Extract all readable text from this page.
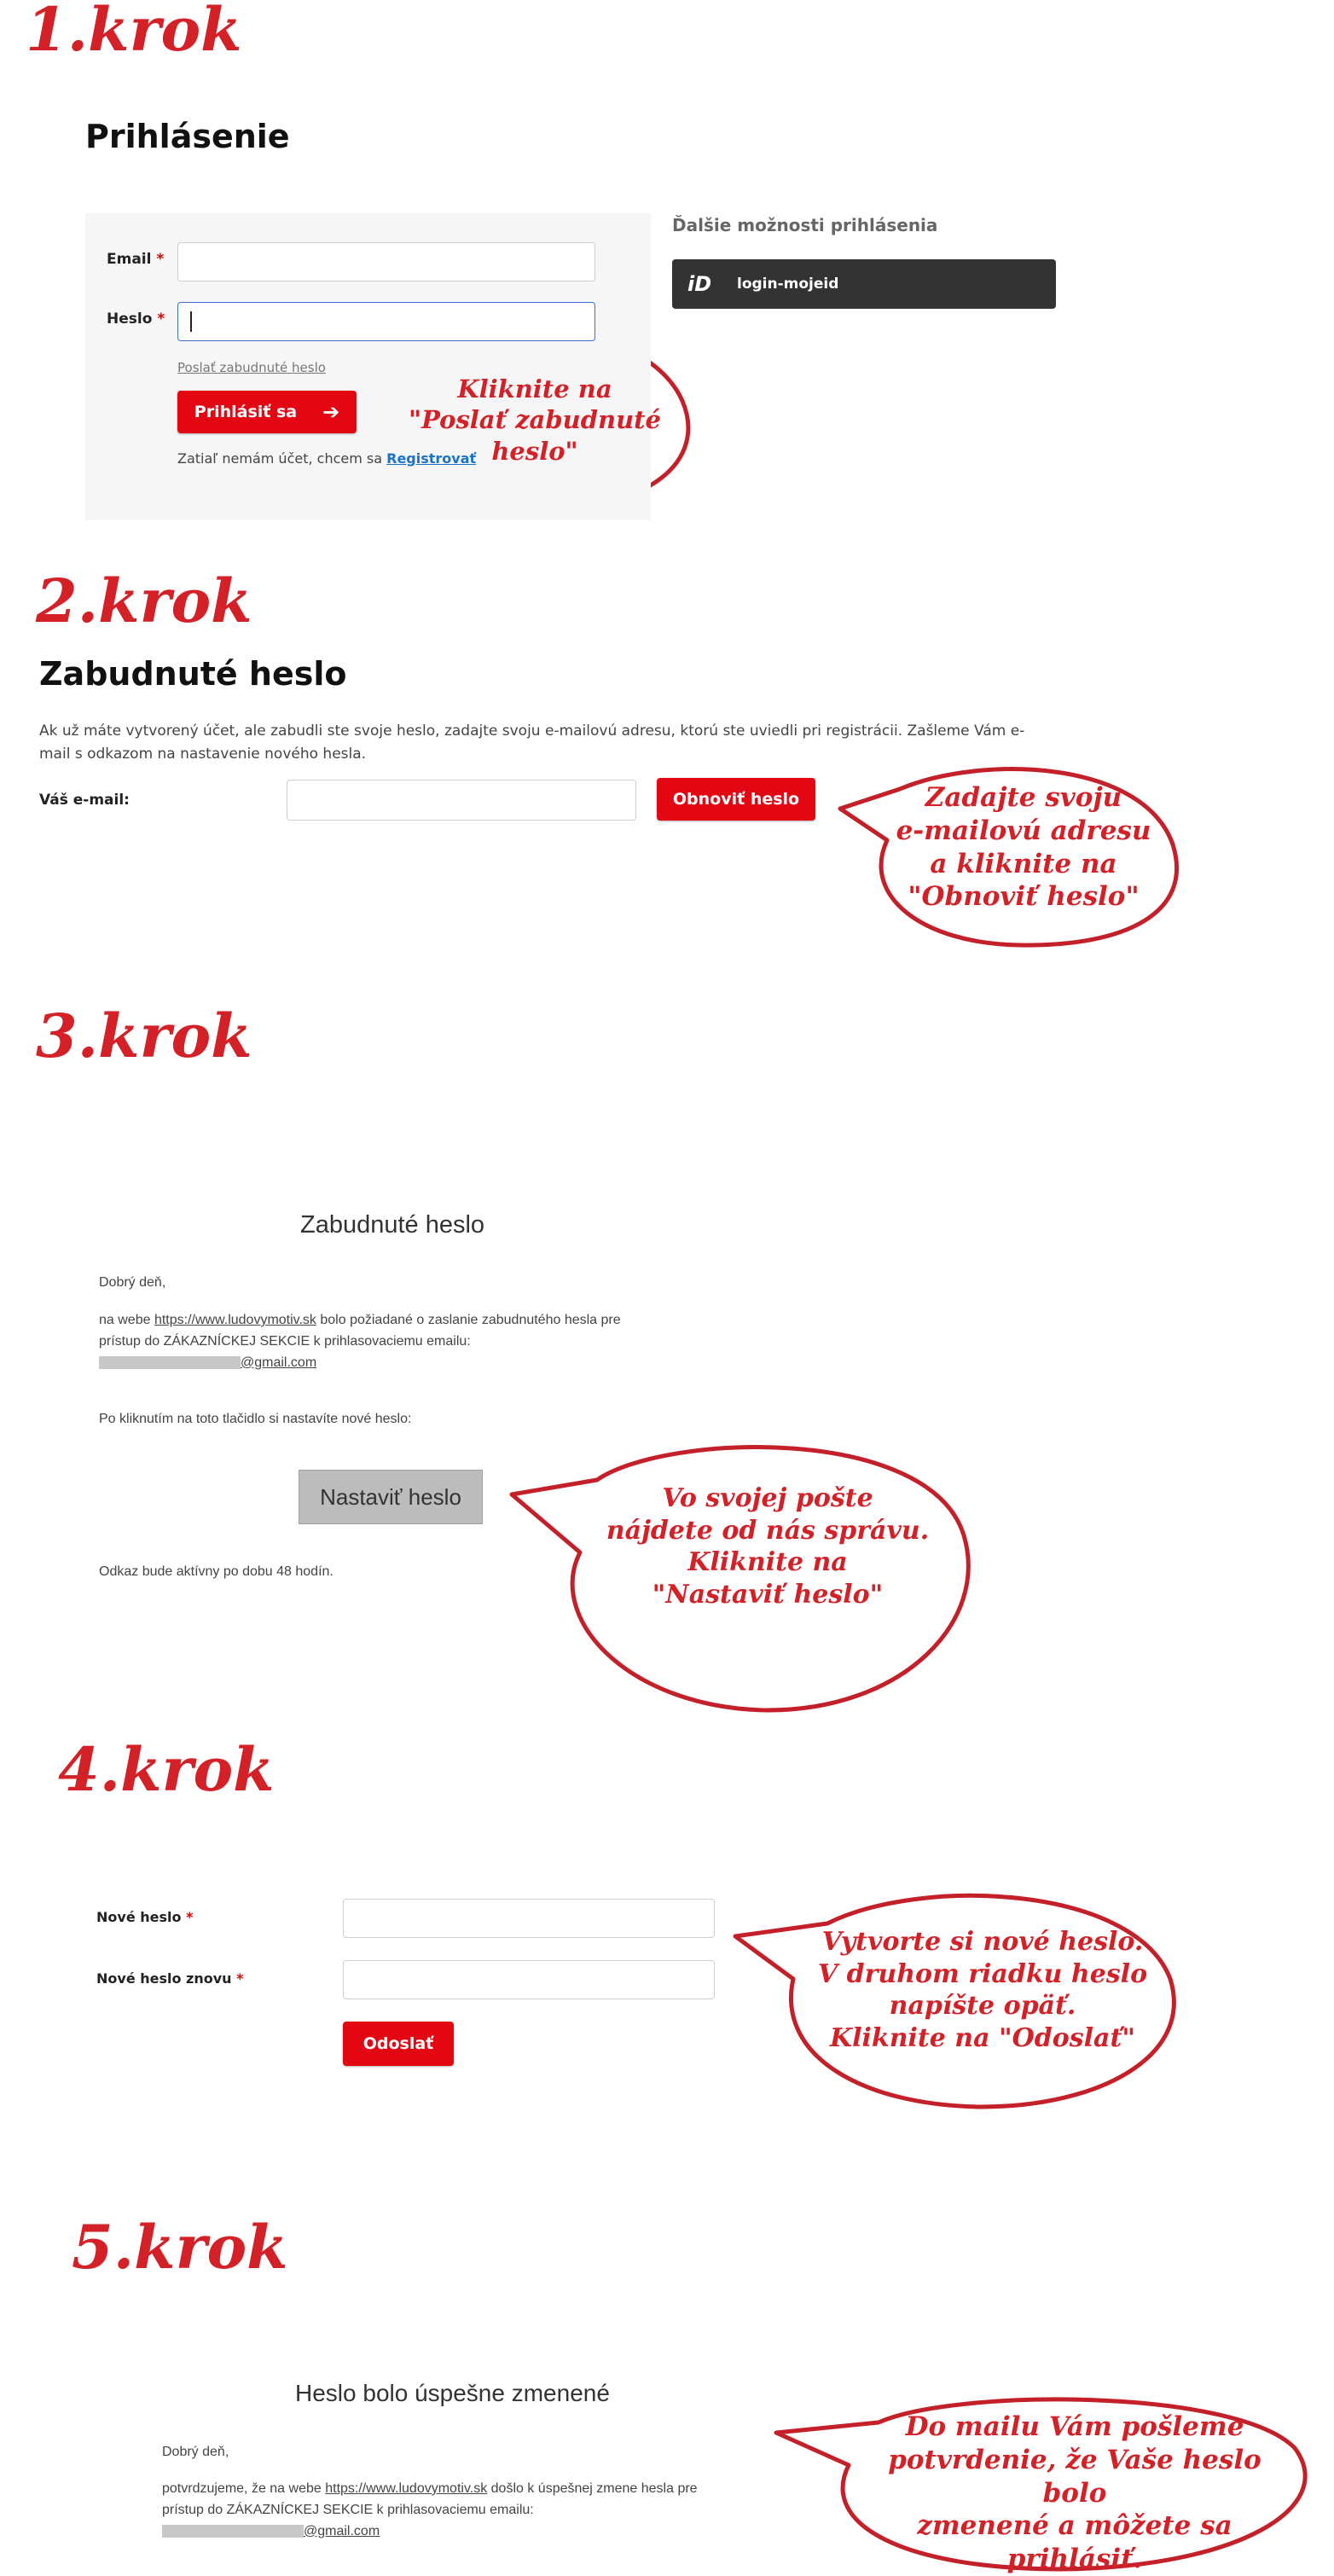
1.krok
Prihlásenie
Email *
Heslo *
Poslať zabudnuté heslo
Prihlásiť sa ➔
Zatiaľ nemám účet, chcem sa Registrovať
Ďalšie možnosti prihlásenia
iD	login-mojeid
Kliknite na
"Poslať zabudnuté heslo"
2.krok
Zabudnuté heslo
Ak už máte vytvorený účet, ale zabudli ste svoje heslo, zadajte svoju e-mailovú adresu, ktorú ste uviedli pri registrácii. Zašleme Vám e-
mail s odkazom na nastavenie nového hesla.
Váš e-mail:	Obnoviť heslo	Zadajte svoju
e-mailovú adresu
a kliknite na
"Obnoviť heslo"
3.krok
Zabudnuté heslo
Dobrý deň,
na webe https://www.ludovymotiv.sk bolo požiadané o zaslanie zabudnutého hesla pre
prístup do ZÁKAZNÍCKEJ SEKCIE k prihlasovaciemu emailu:
@gmail.com
Po kliknutím na toto tlačidlo si nastavíte nové heslo:
Nastaviť heslo
Odkaz bude aktívny po dobu 48 hodín.
Vo svojej pošte
nájdete od nás správu.
Kliknite na
"Nastaviť heslo"
4.krok
Nové heslo *
Nové heslo znovu *
Odoslať
Vytvorte si nové heslo.
V druhom riadku heslo
napíšte opäť.
Kliknite na "Odoslať"
5.krok
Heslo bolo úspešne zmenené
Dobrý deň,
potvrdzujeme, že na webe https://www.ludovymotiv.sk došlo k úspešnej zmene hesla pre
prístup do ZÁKAZNÍCKEJ SEKCIE k prihlasovaciemu emailu:
@gmail.com
Do mailu Vám pošleme
potvrdenie, že Vaše heslo bolo
zmenené a môžete sa prihlásiť.
